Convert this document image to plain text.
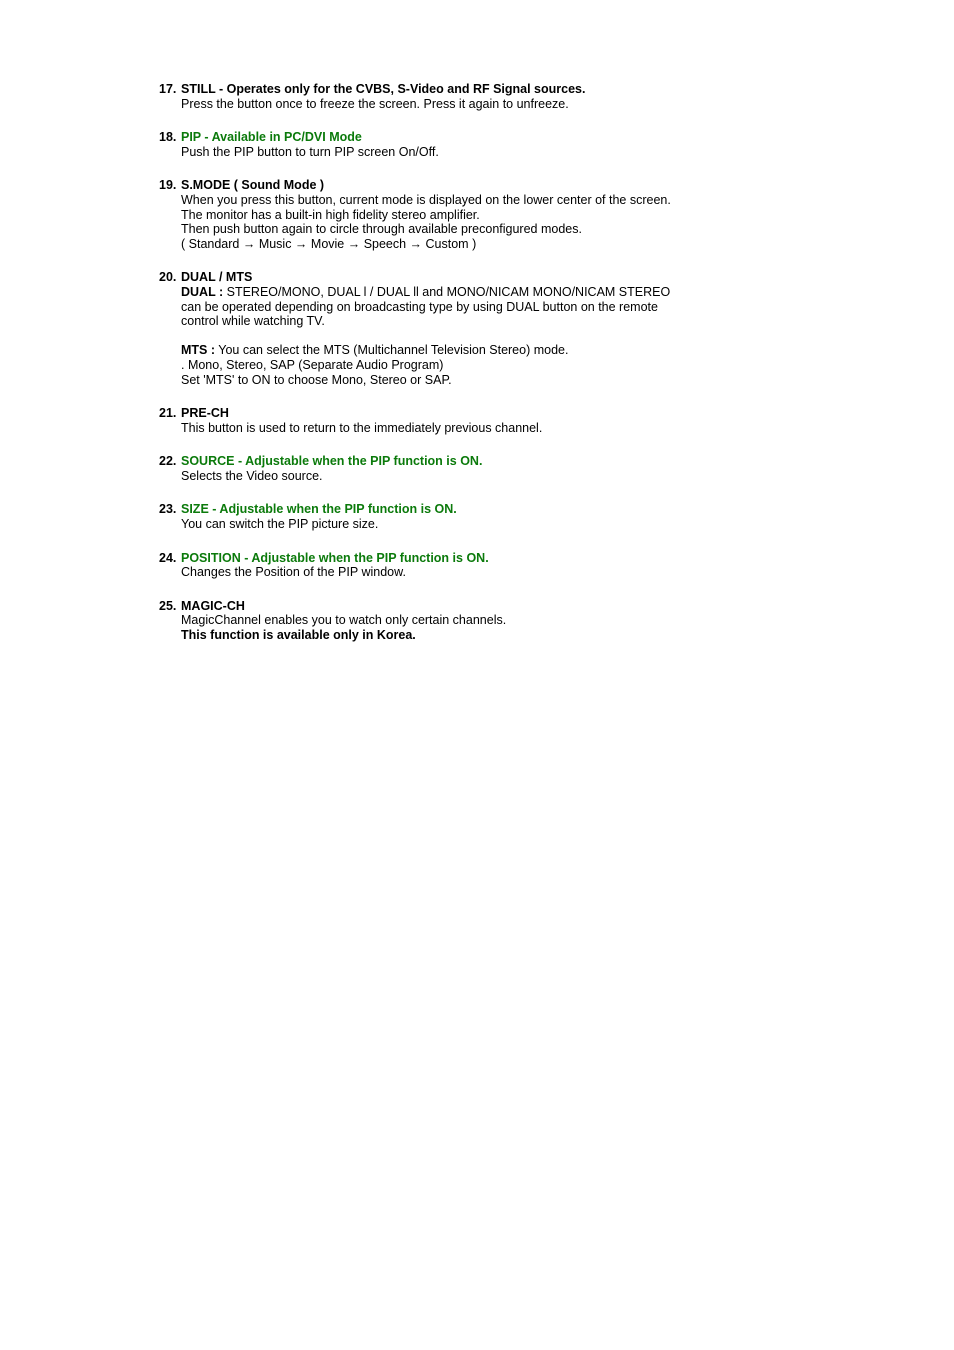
17. STILL - Operates only for the CVBS, S-Video and RF Signal sources.
Press the button once to freeze the screen. Press it again to unfreeze.
18. PIP - Available in PC/DVI Mode
Push the PIP button to turn PIP screen On/Off.
19. S.MODE ( Sound Mode )
When you press this button, current mode is displayed on the lower center of the screen.
The monitor has a built-in high fidelity stereo amplifier.
Then push button again to circle through available preconfigured modes.
( Standard → Music → Movie → Speech → Custom )
20. DUAL / MTS
DUAL : STEREO/MONO, DUAL l / DUAL ll and MONO/NICAM MONO/NICAM STEREO
can be operated depending on broadcasting type by using DUAL button on the remote
control while watching TV.
MTS : You can select the MTS (Multichannel Television Stereo) mode.
. Mono, Stereo, SAP (Separate Audio Program)
Set 'MTS' to ON to choose Mono, Stereo or SAP.
21. PRE-CH
This button is used to return to the immediately previous channel.
22. SOURCE - Adjustable when the PIP function is ON.
Selects the Video source.
23. SIZE - Adjustable when the PIP function is ON.
You can switch the PIP picture size.
24. POSITION - Adjustable when the PIP function is ON.
Changes the Position of the PIP window.
25. MAGIC-CH
MagicChannel enables you to watch only certain channels.
This function is available only in Korea.
